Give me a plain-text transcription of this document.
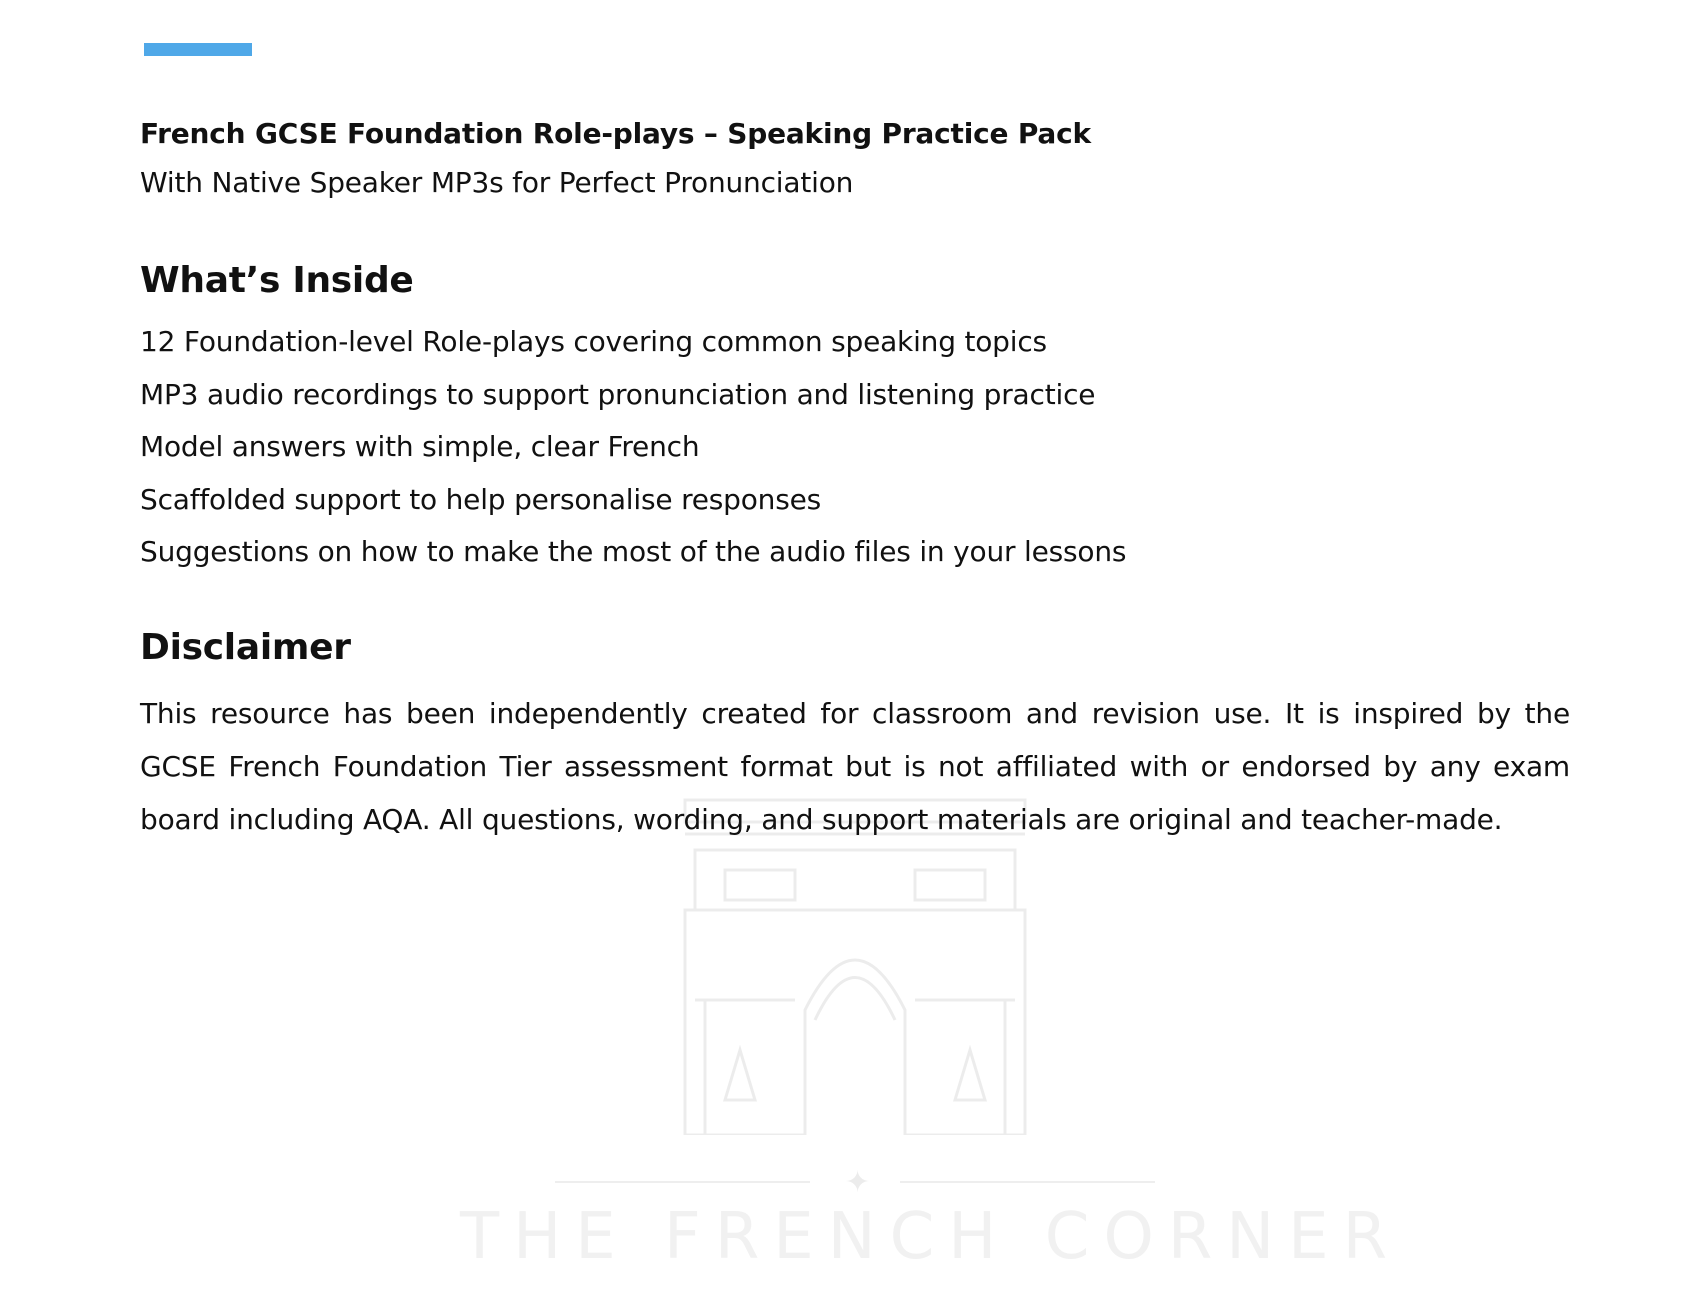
✦
THE FRENCH CORNER
French GCSE Foundation Role-plays – Speaking Practice Pack

With Native Speaker MP3s for Perfect Pronunciation

What’s Inside
12 Foundation-level Role-plays covering common speaking topics
MP3 audio recordings to support pronunciation and listening practice
Model answers with simple, clear French
Scaffolded support to help personalise responses
Suggestions on how to make the most of the audio files in your lessons
Disclaimer

This resource has been independently created for classroom and revision use. It is inspired by the GCSE French Foundation Tier assessment format but is not affiliated with or endorsed by any exam board including AQA. All questions, wording, and support materials are original and teacher-made.
